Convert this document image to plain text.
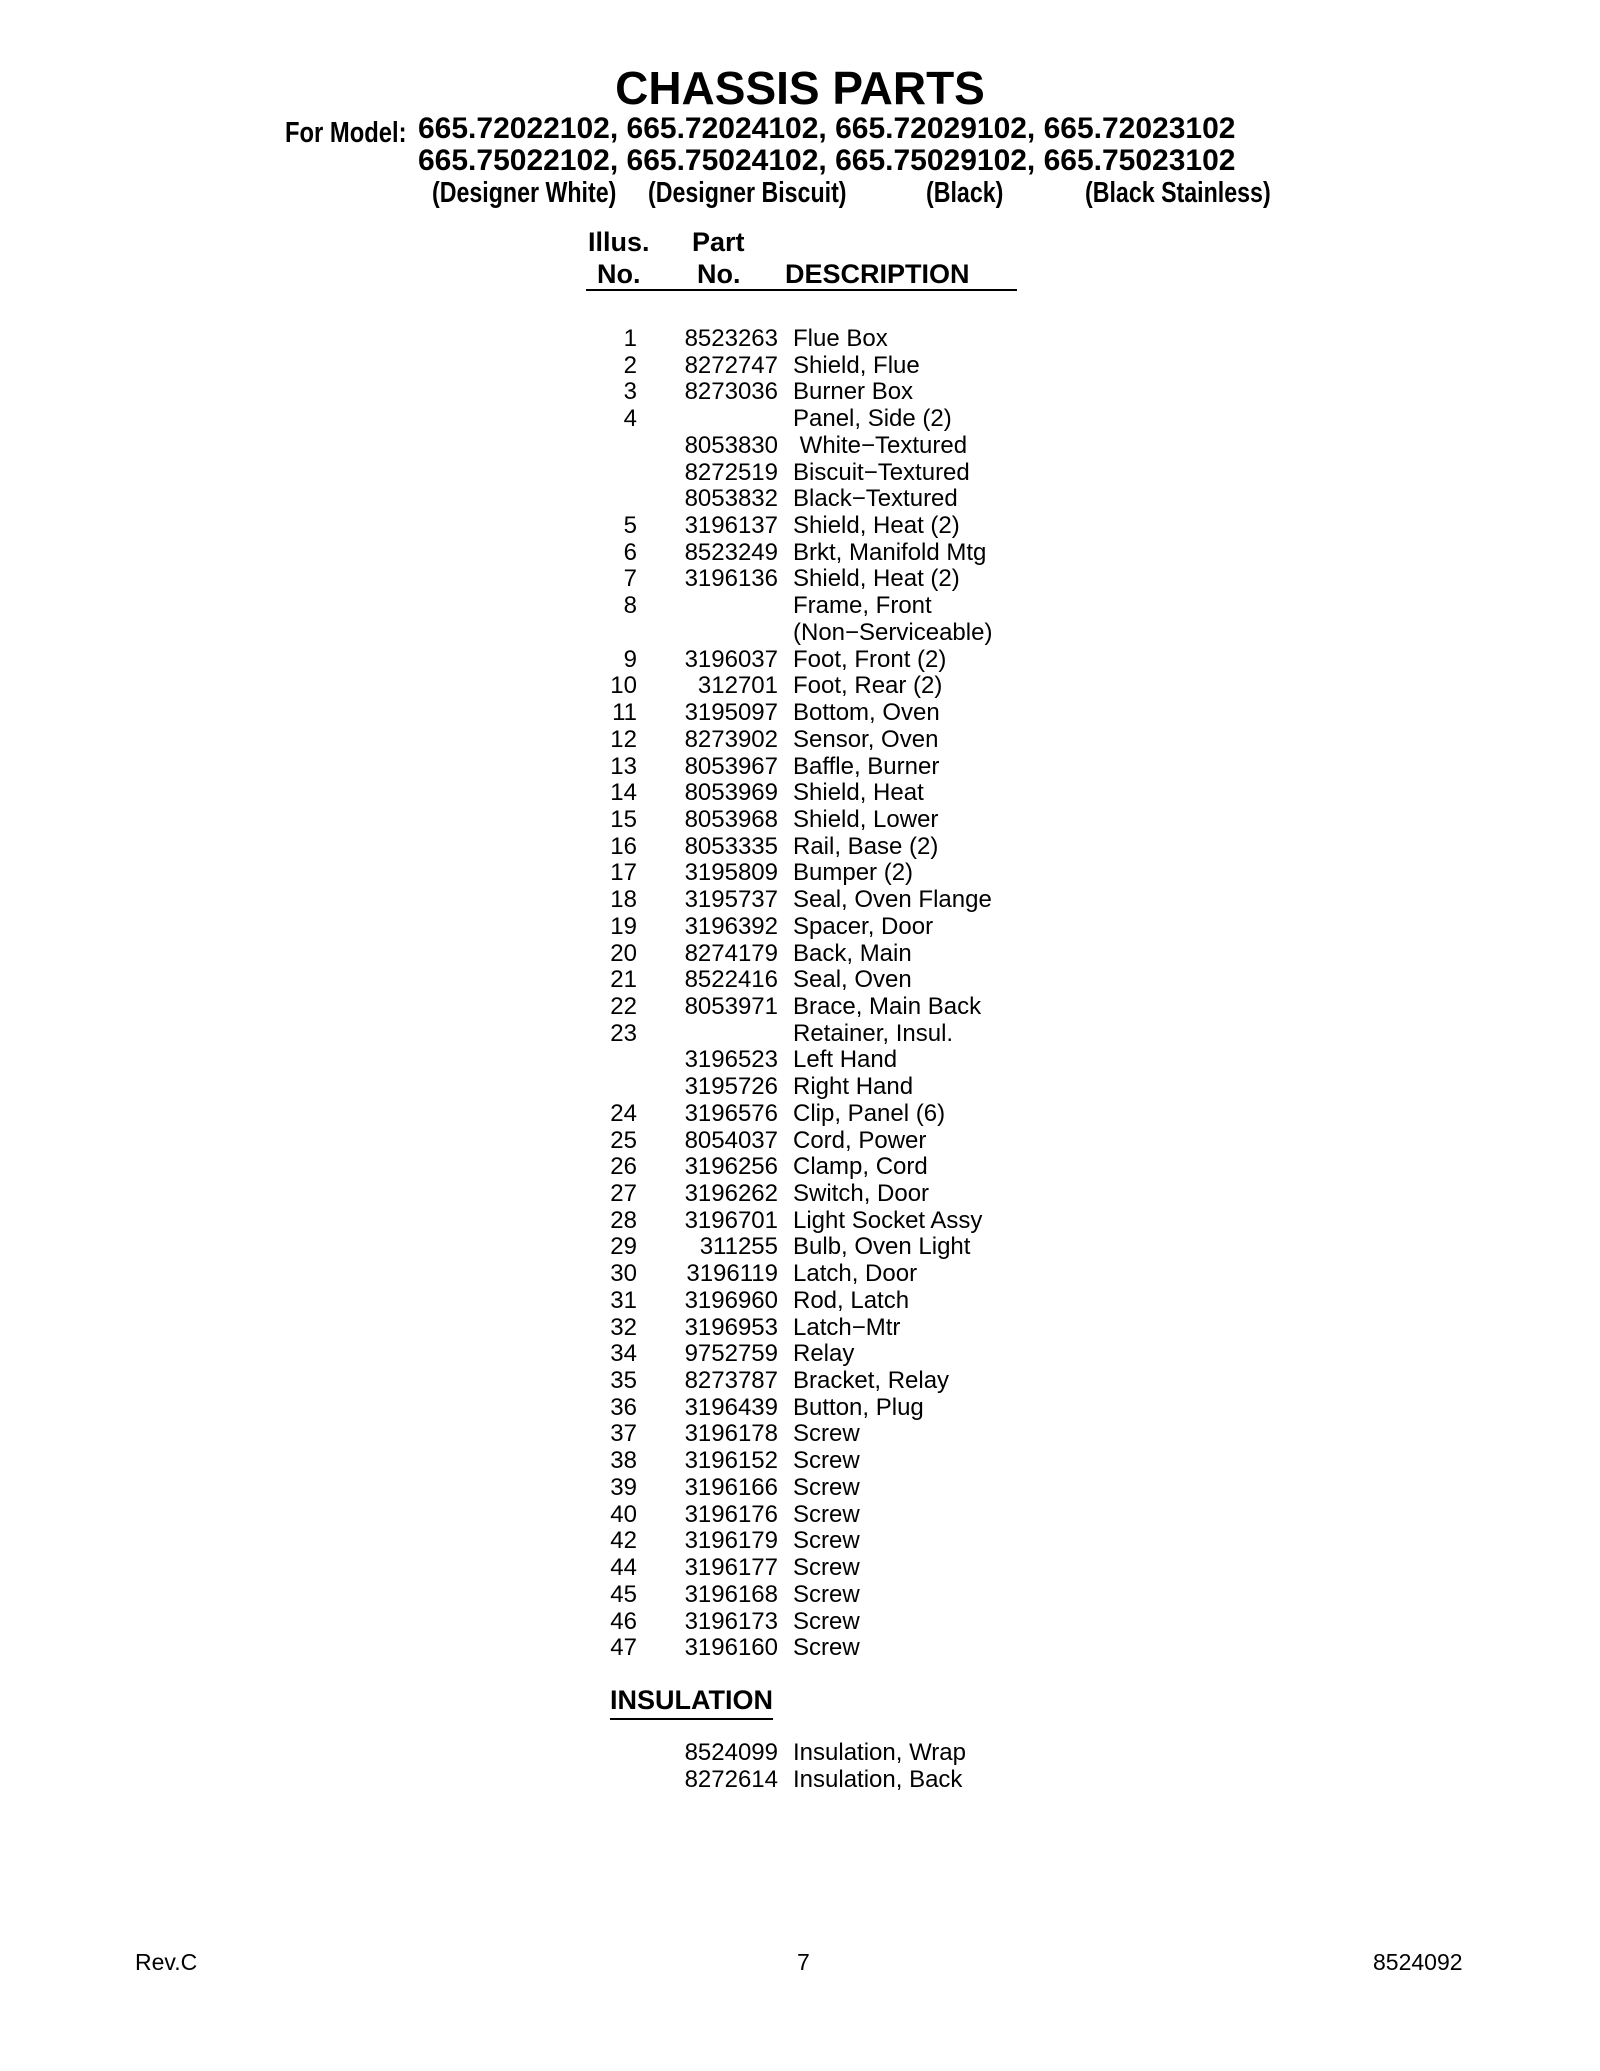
CHASSIS PARTS
For Model: 665.72022102, 665.72024102, 665.72029102, 665.72023102
665.75022102, 665.75024102, 665.75029102, 665.75023102
(Designer White) (Designer Biscuit)	(Black)	(Black Stainless)
Illus.
No.
Part
No. DESCRIPTION
1 8523263 Flue Box
2 8272747 Shield, Flue
3 8273036 Burner Box
4	Panel, Side (2)
8053830 White−Textured
8272519 Biscuit−Textured
8053832 Black−Textured
5 3196137 Shield, Heat (2)
6 8523249 Brkt, Manifold Mtg
7 3196136 Shield, Heat (2)
8	Frame, Front
(Non−Serviceable)
9 3196037 Foot, Front (2)
10	312701 Foot, Rear (2)
11 3195097 Bottom, Oven
12 8273902 Sensor, Oven
13 8053967 Baffle, Burner
14 8053969 Shield, Heat
15 8053968 Shield, Lower
16 8053335 Rail, Base (2)
17 3195809 Bumper (2)
18 3195737 Seal, Oven Flange
19 3196392 Spacer, Door
20 8274179 Back, Main
21 8522416 Seal, Oven
22 8053971 Brace, Main Back
23	Retainer, Insul.
3196523 Left Hand
3195726 Right Hand
24 3196576 Clip, Panel (6)
25 8054037 Cord, Power
26 3196256 Clamp, Cord
27 3196262 Switch, Door
28 3196701 Light Socket Assy
29	311255 Bulb, Oven Light
30 3196119 Latch, Door
31 3196960 Rod, Latch
32 3196953 Latch−Mtr
34 9752759 Relay
35 8273787 Bracket, Relay
36 3196439 Button, Plug
37 3196178 Screw
38 3196152 Screw
39 3196166 Screw
40 3196176 Screw
42 3196179 Screw
44 3196177 Screw
45 3196168 Screw
46 3196173 Screw
47 3196160 Screw
INSULATION
8524099 Insulation, Wrap
8272614 Insulation, Back
Rev.C	7	8524092
